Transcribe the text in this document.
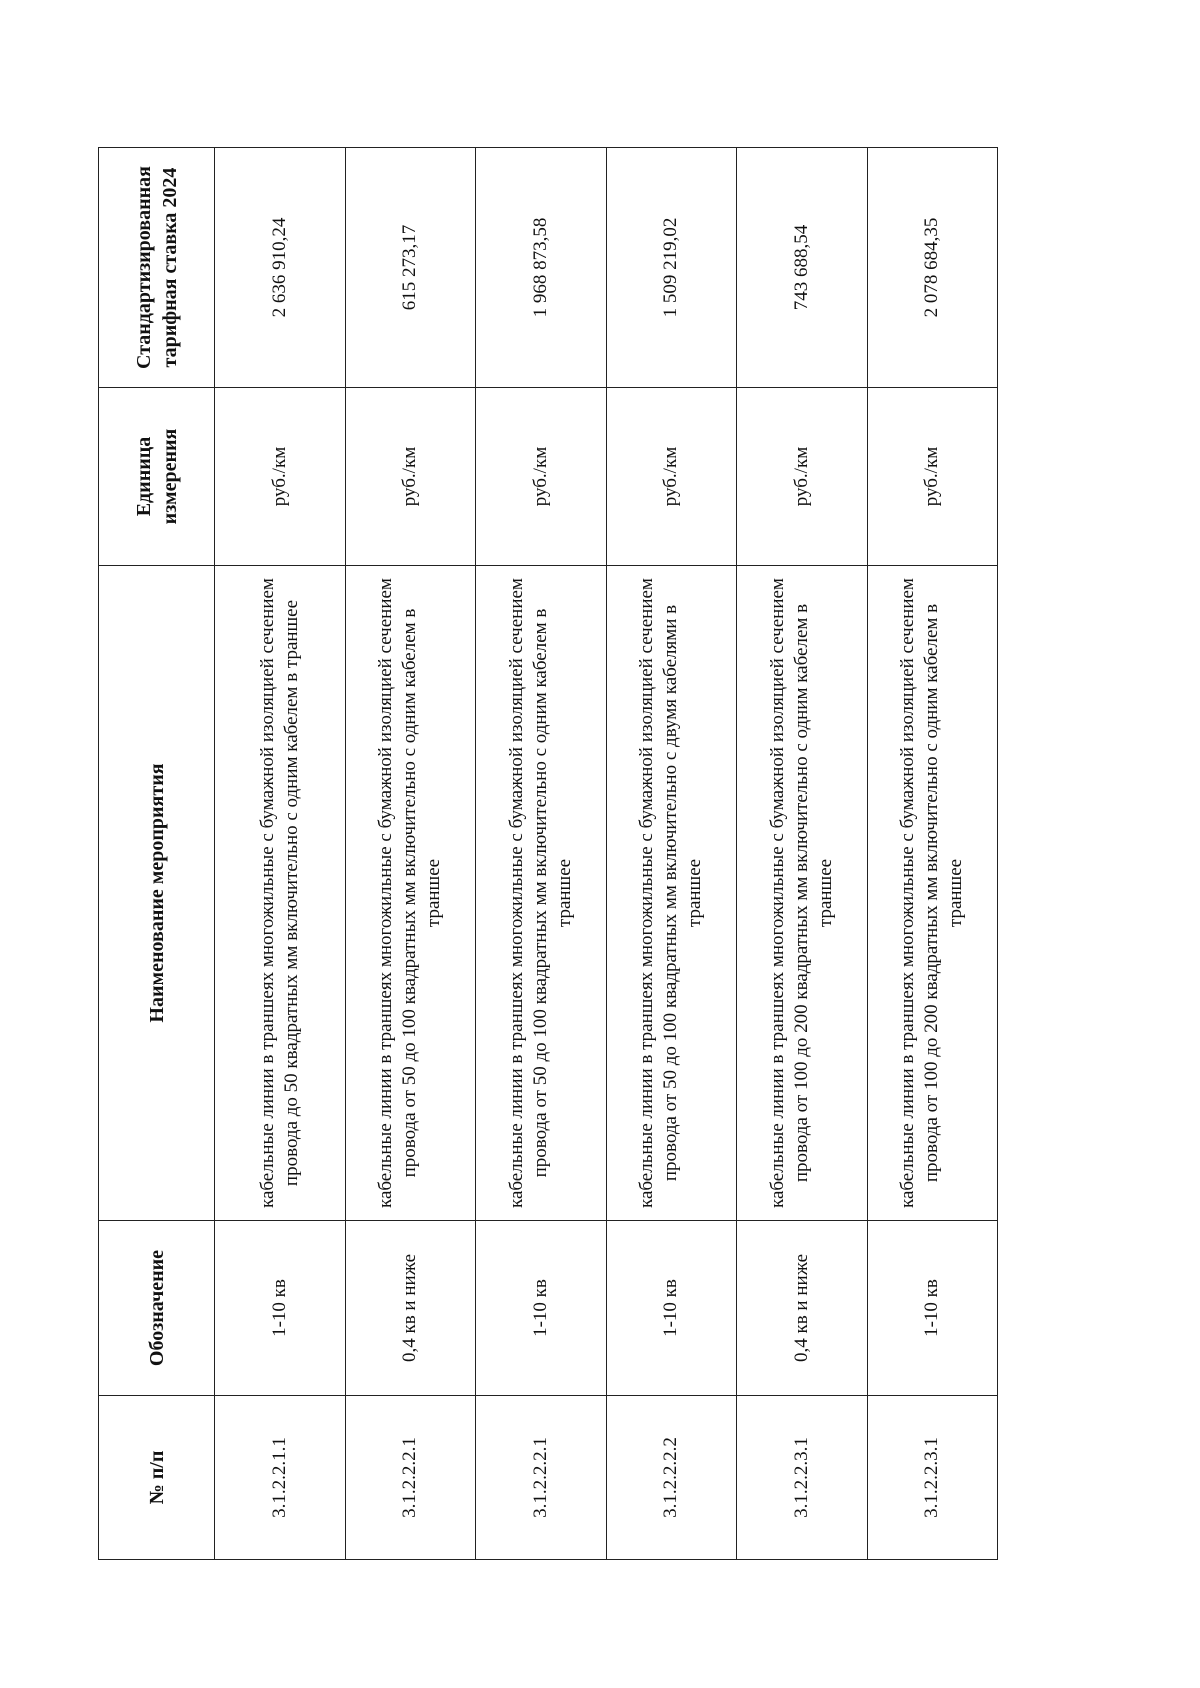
№ п/п	Обозначение	Наименование мероприятия	Единица измерения	Стандартизированная тарифная ставка 2024
3.1.2.2.1.1	1-10 кв	кабельные линии в траншеях многожильные с бумажной изоляцией сечением провода до 50 квадратных мм включительно с одним кабелем в траншее	руб./км	2 636 910,24
3.1.2.2.2.1	0,4 кв и ниже	кабельные линии в траншеях многожильные с бумажной изоляцией сечением провода от 50 до 100 квадратных мм включительно с одним кабелем в траншее	руб./км	615 273,17
3.1.2.2.2.1	1-10 кв	кабельные линии в траншеях многожильные с бумажной изоляцией сечением провода от 50 до 100 квадратных мм включительно с одним кабелем в траншее	руб./км	1 968 873,58
3.1.2.2.2.2	1-10 кв	кабельные линии в траншеях многожильные с бумажной изоляцией сечением провода от 50 до 100 квадратных мм включительно с двумя кабелями в траншее	руб./км	1 509 219,02
3.1.2.2.3.1	0,4 кв и ниже	кабельные линии в траншеях многожильные с бумажной изоляцией сечением провода от 100 до 200 квадратных мм включительно с одним кабелем в траншее	руб./км	743 688,54
3.1.2.2.3.1	1-10 кв	кабельные линии в траншеях многожильные с бумажной изоляцией сечением провода от 100 до 200 квадратных мм включительно с одним кабелем в траншее	руб./км	2 078 684,35
